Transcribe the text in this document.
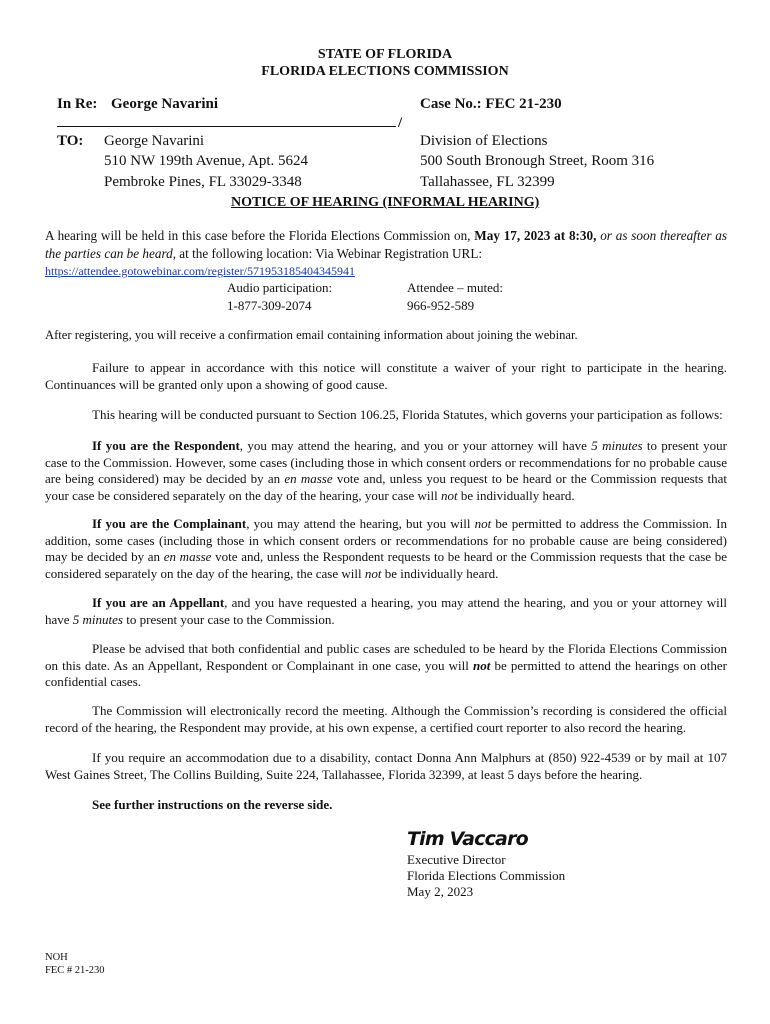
STATE OF FLORIDA
FLORIDA ELECTIONS COMMISSION
In Re: George Navarini	Case No.: FEC 21-230
/
TO: George Navarini
510 NW 199th Avenue, Apt. 5624
Pembroke Pines, FL 33029-3348
Division of Elections
500 South Bronough Street, Room 316
Tallahassee, FL 32399
NOTICE OF HEARING (INFORMAL HEARING)
A hearing will be held in this case before the Florida Elections Commission on, May 17, 2023 at 8:30, or as soon thereafter as the parties can be heard, at the following location: Via Webinar Registration URL:
https://attendee.gotowebinar.com/register/571953185404345941
Audio participation:
1-877-309-2074
Attendee – muted:
966-952-589
After registering, you will receive a confirmation email containing information about joining the webinar.
Failure to appear in accordance with this notice will constitute a waiver of your right to participate in the hearing. Continuances will be granted only upon a showing of good cause.
This hearing will be conducted pursuant to Section 106.25, Florida Statutes, which governs your participation as follows:
If you are the Respondent, you may attend the hearing, and you or your attorney will have 5 minutes to present your case to the Commission. However, some cases (including those in which consent orders or recommendations for no probable cause are being considered) may be decided by an en masse vote and, unless you request to be heard or the Commission requests that your case be considered separately on the day of the hearing, your case will not be individually heard.
If you are the Complainant, you may attend the hearing, but you will not be permitted to address the Commission. In addition, some cases (including those in which consent orders or recommendations for no probable cause are being considered) may be decided by an en masse vote and, unless the Respondent requests to be heard or the Commission requests that the case be considered separately on the day of the hearing, the case will not be individually heard.
If you are an Appellant, and you have requested a hearing, you may attend the hearing, and you or your attorney will have 5 minutes to present your case to the Commission.
Please be advised that both confidential and public cases are scheduled to be heard by the Florida Elections Commission on this date. As an Appellant, Respondent or Complainant in one case, you will not be permitted to attend the hearings on other confidential cases.
The Commission will electronically record the meeting. Although the Commission’s recording is considered the official record of the hearing, the Respondent may provide, at his own expense, a certified court reporter to also record the hearing.
If you require an accommodation due to a disability, contact Donna Ann Malphurs at (850) 922-4539 or by mail at 107 West Gaines Street, The Collins Building, Suite 224, Tallahassee, Florida 32399, at least 5 days before the hearing.
See further instructions on the reverse side.
Tim Vaccaro
Executive Director
Florida Elections Commission
May 2, 2023
NOH
FEC # 21-230
